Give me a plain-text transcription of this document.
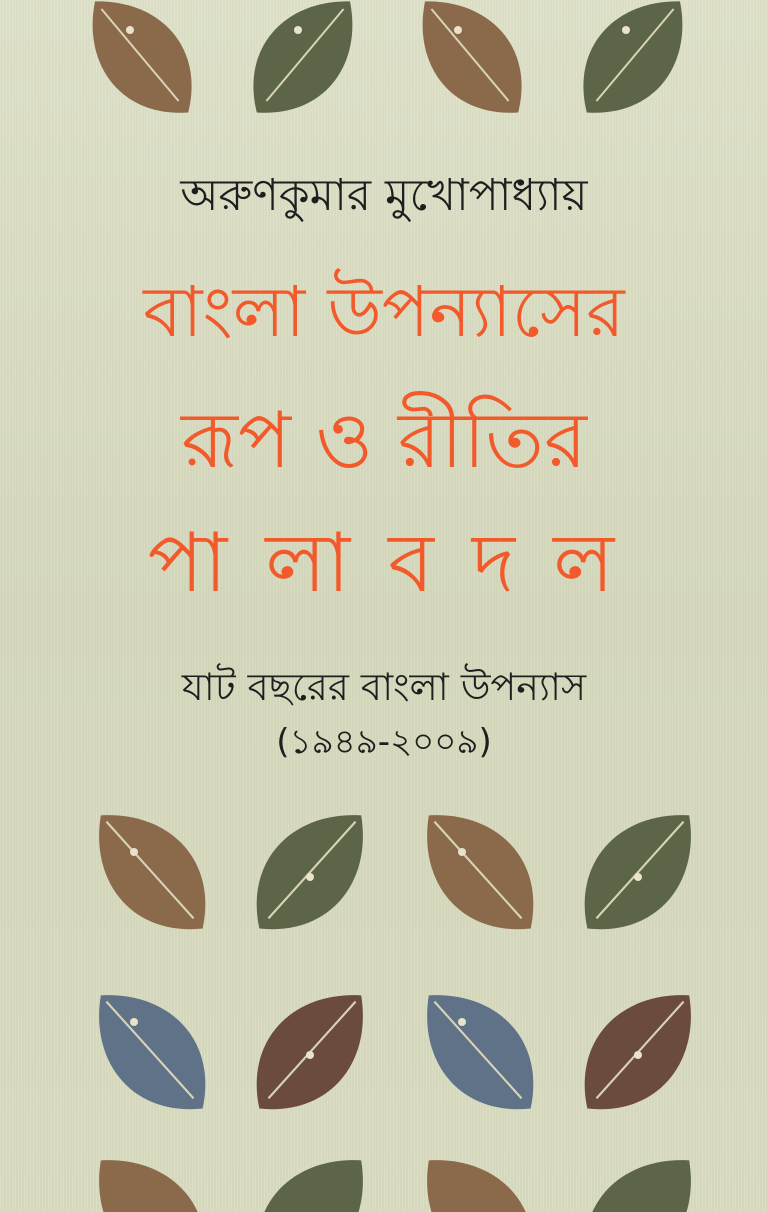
অরুণকুমার মুখোপাধ্যায়
বাংলা উপন্যাসের
রূপ ও রীতির
পা লা ব দ ল
যাট বছরের বাংলা উপন্যাস
(১৯৪৯-২০০৯)
